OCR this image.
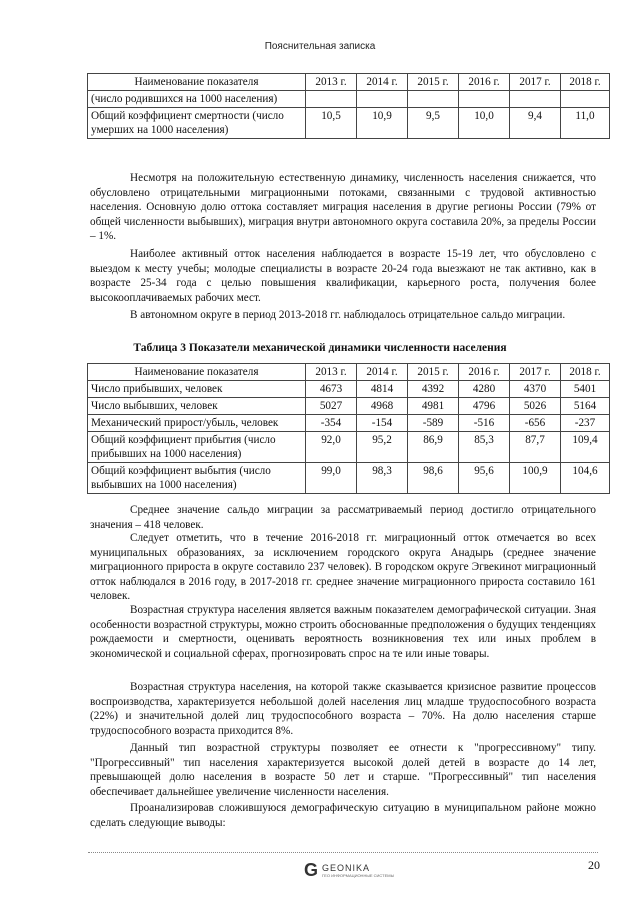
Пояснительная записка
Наименование показателя	2013 г.	2014 г.	2015 г.	2016 г.	2017 г.	2018 г.
(число родившихся на 1000 населения)						
Общий коэффициент смертности (число умерших на 1000 населения)	10,5	10,9	9,5	10,0	9,4	11,0

Несмотря на положительную естественную динамику, численность населения снижается, что обусловлено отрицательными миграционными потоками, связанными с трудовой активностью населения. Основную долю оттока составляет миграция населения в другие регионы России (79% от общей численности выбывших), миграция внутри автономного округа составила 20%, за пределы России – 1%.

Наиболее активный отток населения наблюдается в возрасте 15-19 лет, что обусловлено с выездом к месту учебы; молодые специалисты в возрасте 20-24 года выезжают не так активно, как в возрасте 25-34 года с целью повышения квалификации, карьерного роста, получения более высокооплачиваемых рабочих мест.

В автономном округе в период 2013-2018 гг. наблюдалось отрицательное сальдо миграции.

Таблица 3 Показатели механической динамики численности населения
Наименование показателя	2013 г.	2014 г.	2015 г.	2016 г.	2017 г.	2018 г.
Число прибывших, человек	4673	4814	4392	4280	4370	5401
Число выбывших, человек	5027	4968	4981	4796	5026	5164
Механический прирост/убыль, человек	-354	-154	-589	-516	-656	-237
Общий коэффициент прибытия (число прибывших на 1000 населения)	92,0	95,2	86,9	85,3	87,7	109,4
Общий коэффициент выбытия (число выбывших на 1000 населения)	99,0	98,3	98,6	95,6	100,9	104,6

Среднее значение сальдо миграции за рассматриваемый период достигло отрицательного значения – 418 человек.

Следует отметить, что в течение 2016-2018 гг. миграционный отток отмечается во всех муниципальных образованиях, за исключением городского округа Анадырь (среднее значение миграционного прироста в округе составило 237 человек). В городском округе Эгвекинот миграционный отток наблюдался в 2016 году, в 2017-2018 гг. среднее значение миграционного прироста составило 161 человек.

Возрастная структура населения является важным показателем демографической ситуации. Зная особенности возрастной структуры, можно строить обоснованные предположения о будущих тенденциях рождаемости и смертности, оценивать вероятность возникновения тех или иных проблем в экономической и социальной сферах, прогнозировать спрос на те или иные товары.

Возрастная структура населения, на которой также сказывается кризисное развитие процессов воспроизводства, характеризуется небольшой долей населения лиц младше трудоспособного возраста (22%) и значительной долей лиц трудоспособного возраста – 70%. На долю населения старше трудоспособного возраста приходится 8%.

Данный тип возрастной структуры позволяет ее отнести к "прогрессивному" типу. "Прогрессивный" тип населения характеризуется высокой долей детей в возрасте до 14 лет, превышающей долю населения в возрасте 50 лет и старше. "Прогрессивный" тип населения обеспечивает дальнейшее увеличение численности населения.

Проанализировав сложившуюся демографическую ситуацию в муниципальном районе можно сделать следующие выводы:

G GEONIKA
ГЕО ИНФОРМАЦИОННЫЕ СИСТЕМЫ
20
